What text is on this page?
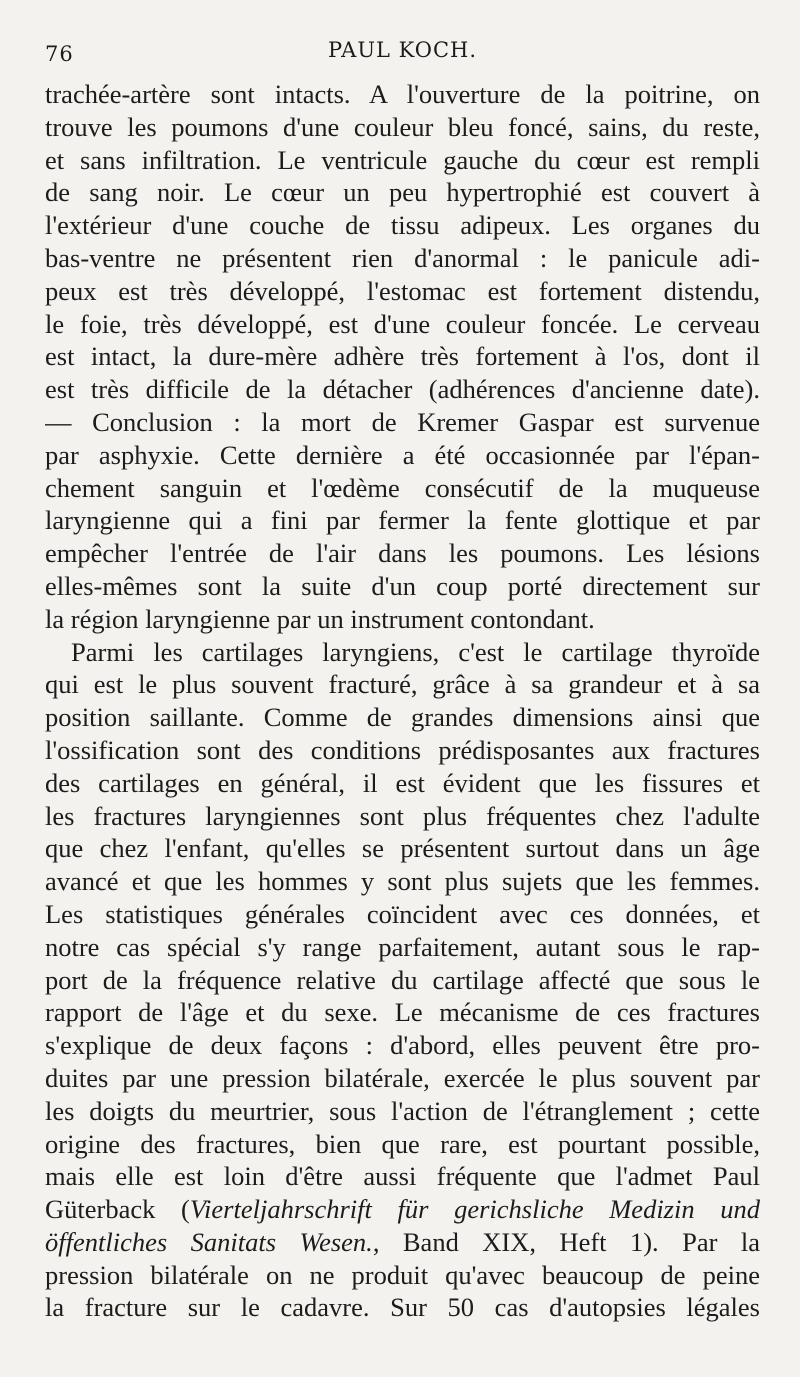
76	PAUL KOCH.
trachée-artère sont intacts. A l'ouverture de la poitrine, on
trouve les poumons d'une couleur bleu foncé, sains, du reste,
et sans infiltration. Le ventricule gauche du cœur est rempli
de sang noir. Le cœur un peu hypertrophié est couvert à
l'extérieur d'une couche de tissu adipeux. Les organes du
bas-ventre ne présentent rien d'anormal : le panicule adi-
peux est très développé, l'estomac est fortement distendu,
le foie, très développé, est d'une couleur foncée. Le cerveau
est intact, la dure-mère adhère très fortement à l'os, dont il
est très difficile de la détacher (adhérences d'ancienne date).
— Conclusion : la mort de Kremer Gaspar est survenue
par asphyxie. Cette dernière a été occasionnée par l'épan-
chement sanguin et l'œdème consécutif de la muqueuse
laryngienne qui a fini par fermer la fente glottique et par
empêcher l'entrée de l'air dans les poumons. Les lésions
elles-mêmes sont la suite d'un coup porté directement sur
la région laryngienne par un instrument contondant.
Parmi les cartilages laryngiens, c'est le cartilage thyroïde
qui est le plus souvent fracturé, grâce à sa grandeur et à sa
position saillante. Comme de grandes dimensions ainsi que
l'ossification sont des conditions prédisposantes aux fractures
des cartilages en général, il est évident que les fissures et
les fractures laryngiennes sont plus fréquentes chez l'adulte
que chez l'enfant, qu'elles se présentent surtout dans un âge
avancé et que les hommes y sont plus sujets que les femmes.
Les statistiques générales coïncident avec ces données, et
notre cas spécial s'y range parfaitement, autant sous le rap-
port de la fréquence relative du cartilage affecté que sous le
rapport de l'âge et du sexe. Le mécanisme de ces fractures
s'explique de deux façons : d'abord, elles peuvent être pro-
duites par une pression bilatérale, exercée le plus souvent par
les doigts du meurtrier, sous l'action de l'étranglement ; cette
origine des fractures, bien que rare, est pourtant possible,
mais elle est loin d'être aussi fréquente que l'admet Paul
Güterback (Vierteljahrschrift für gerichsliche Medizin und
öffentliches Sanitats Wesen., Band XIX, Heft 1). Par la
pression bilatérale on ne produit qu'avec beaucoup de peine
la fracture sur le cadavre. Sur 50 cas d'autopsies légales
